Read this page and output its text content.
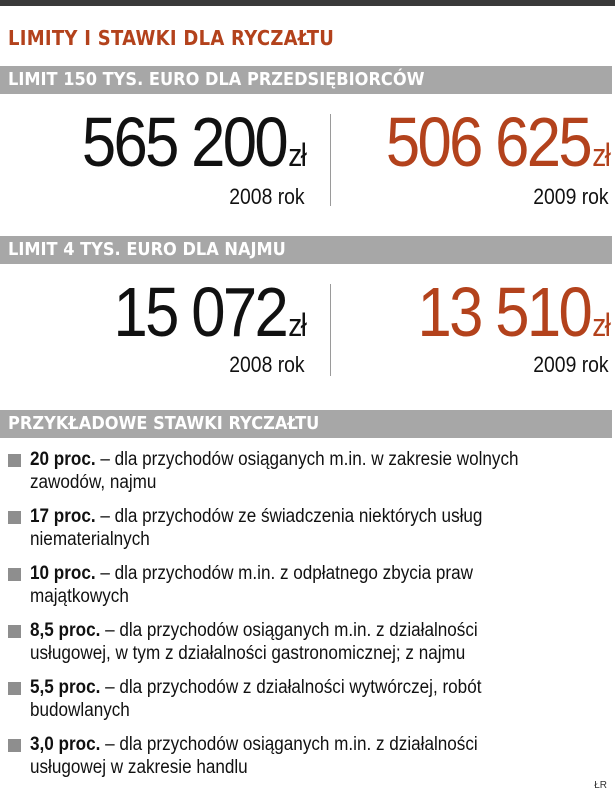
LIMITY I STAWKI DLA RYCZAŁTU
LIMIT 150 TYS. EURO DLA PRZEDSIĘBIORCÓW
565 200zł
2008 rok
506 625zł
2009 rok
LIMIT 4 TYS. EURO DLA NAJMU
15 072zł
2008 rok
13 510zł
2009 rok
PRZYKŁADOWE STAWKI RYCZAŁTU
20 proc. – dla przychodów osiąganych m.in. w zakresie wolnych
zawodów, najmu
17 proc. – dla przychodów ze świadczenia niektórych usług
niematerialnych
10 proc. – dla przychodów m.in. z odpłatnego zbycia praw
majątkowych
8,5 proc. – dla przychodów osiąganych m.in. z działalności
usługowej, w tym z działalności gastronomicznej; z najmu
5,5 proc. – dla przychodów z działalności wytwórczej, robót
budowlanych
3,0 proc. – dla przychodów osiąganych m.in. z działalności
usługowej w zakresie handlu
ŁR
